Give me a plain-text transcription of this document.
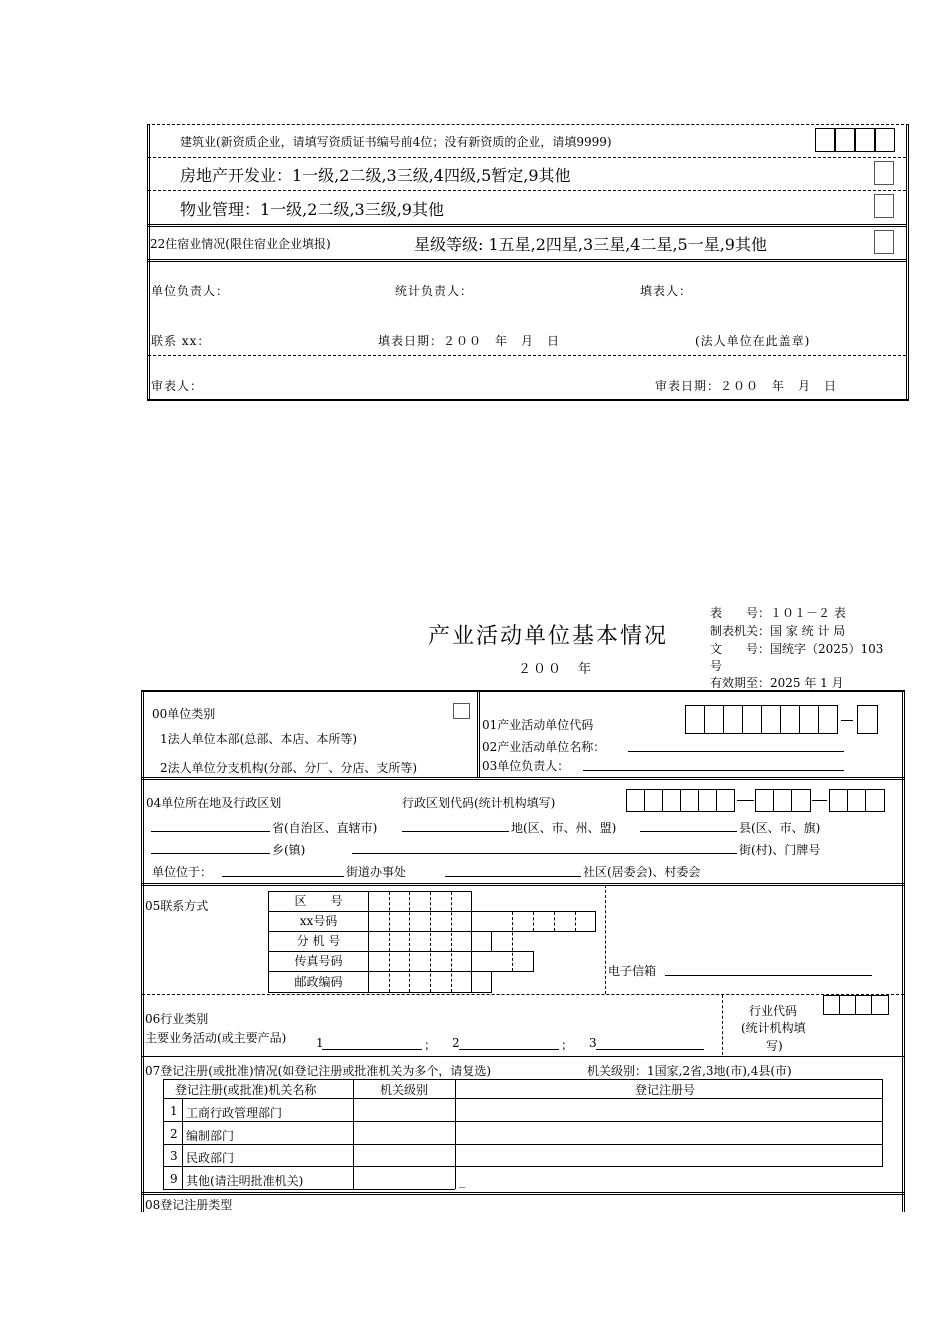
建筑业(新资质企业，请填写资质证书编号前4位；没有新资质的企业，请填9999)
房地产开发业：1一级,2二级,3三级,4四级,5暂定,9其他
物业管理：1一级,2二级,3三级,9其他
22住宿业情况(限住宿业企业填报)	星级等级: 1五星,2四星,3三星,4二星,5一星,9其他
单位负责人：	统计负责人：	填表人：
联系 xx：	填表日期：２００　年　月　日	(法人单位在此盖章)
审表人：	审表日期：２００　年　月　日
产业活动单位基本情况
２００　年
表　　号：１０１－２ 表
制表机关：国 家 统 计 局
文　　号：国统字（2025）103
号
有效期至：2025 年 1 月
00单位类别
1法人单位本部(总部、本店、本所等)
2法人单位分支机构(分部、分厂、分店、支所等)
01产业活动单位代码
02产业活动单位名称：
03单位负责人：
04单位所在地及行政区划	行政区划代码(统计机构填写)
省(自治区、直辖市)	地(区、市、州、盟)	县(区、市、旗)
乡(镇)	街(村)、门牌号
单位位于：	街道办事处	社区(居委会)、村委会
05联系方式	区　　号
xx号码
分 机 号
传真号码
邮政编码
电子信箱
06行业类别
主要业务活动(或主要产品) 1	； 2	； 3
行业代码
(统计机构填
写)
07登记注册(或批准)情况(如登记注册或批准机关为多个，请复选)	机关级别：1国家,2省,3地(市),4县(市)
登记注册(或批准)机关名称	机关级别	登记注册号
1 工商行政管理部门
2 编制部门
3 民政部门
9 其他(请注明批准机关)	_
08登记注册类型
